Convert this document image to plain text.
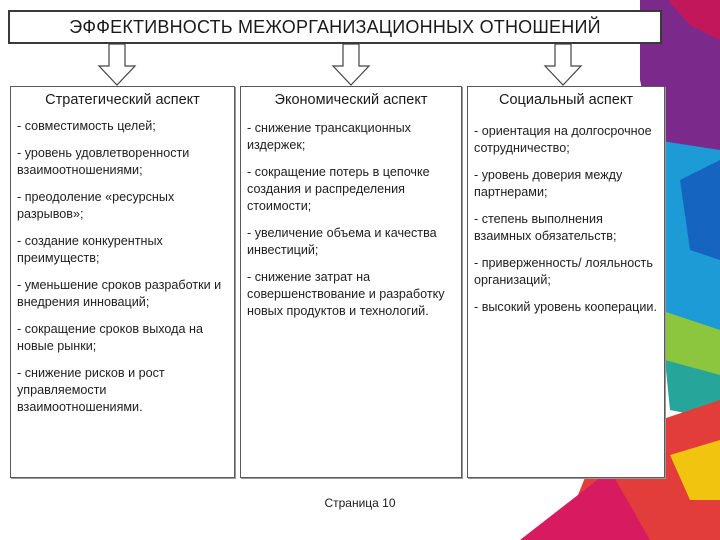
ЭФФЕКТИВНОСТЬ МЕЖОРГАНИЗАЦИОННЫХ ОТНОШЕНИЙ
Стратегический аспект
- совместимость целей;
- уровень удовлетворенности взаимоотношениями;
- преодоление «ресурсных разрывов»;
- создание конкурентных преимуществ;
- уменьшение сроков разработки и внедрения инноваций;
- сокращение сроков выхода на новые рынки;
- снижение рисков и рост управляемости взаимоотношениями.
Экономический аспект
- снижение трансакционных издержек;
- сокращение потерь в цепочке создания и распределения стоимости;
- увеличение объема и качества инвестиций;
- снижение затрат на совершенствование и разработку новых продуктов и технологий.
Социальный аспект
- ориентация на долгосрочное сотрудничество;
- уровень доверия между партнерами;
- степень выполнения взаимных обязательств;
- приверженность/ лояльность организаций;
- высокий уровень кооперации.
Страница 10
